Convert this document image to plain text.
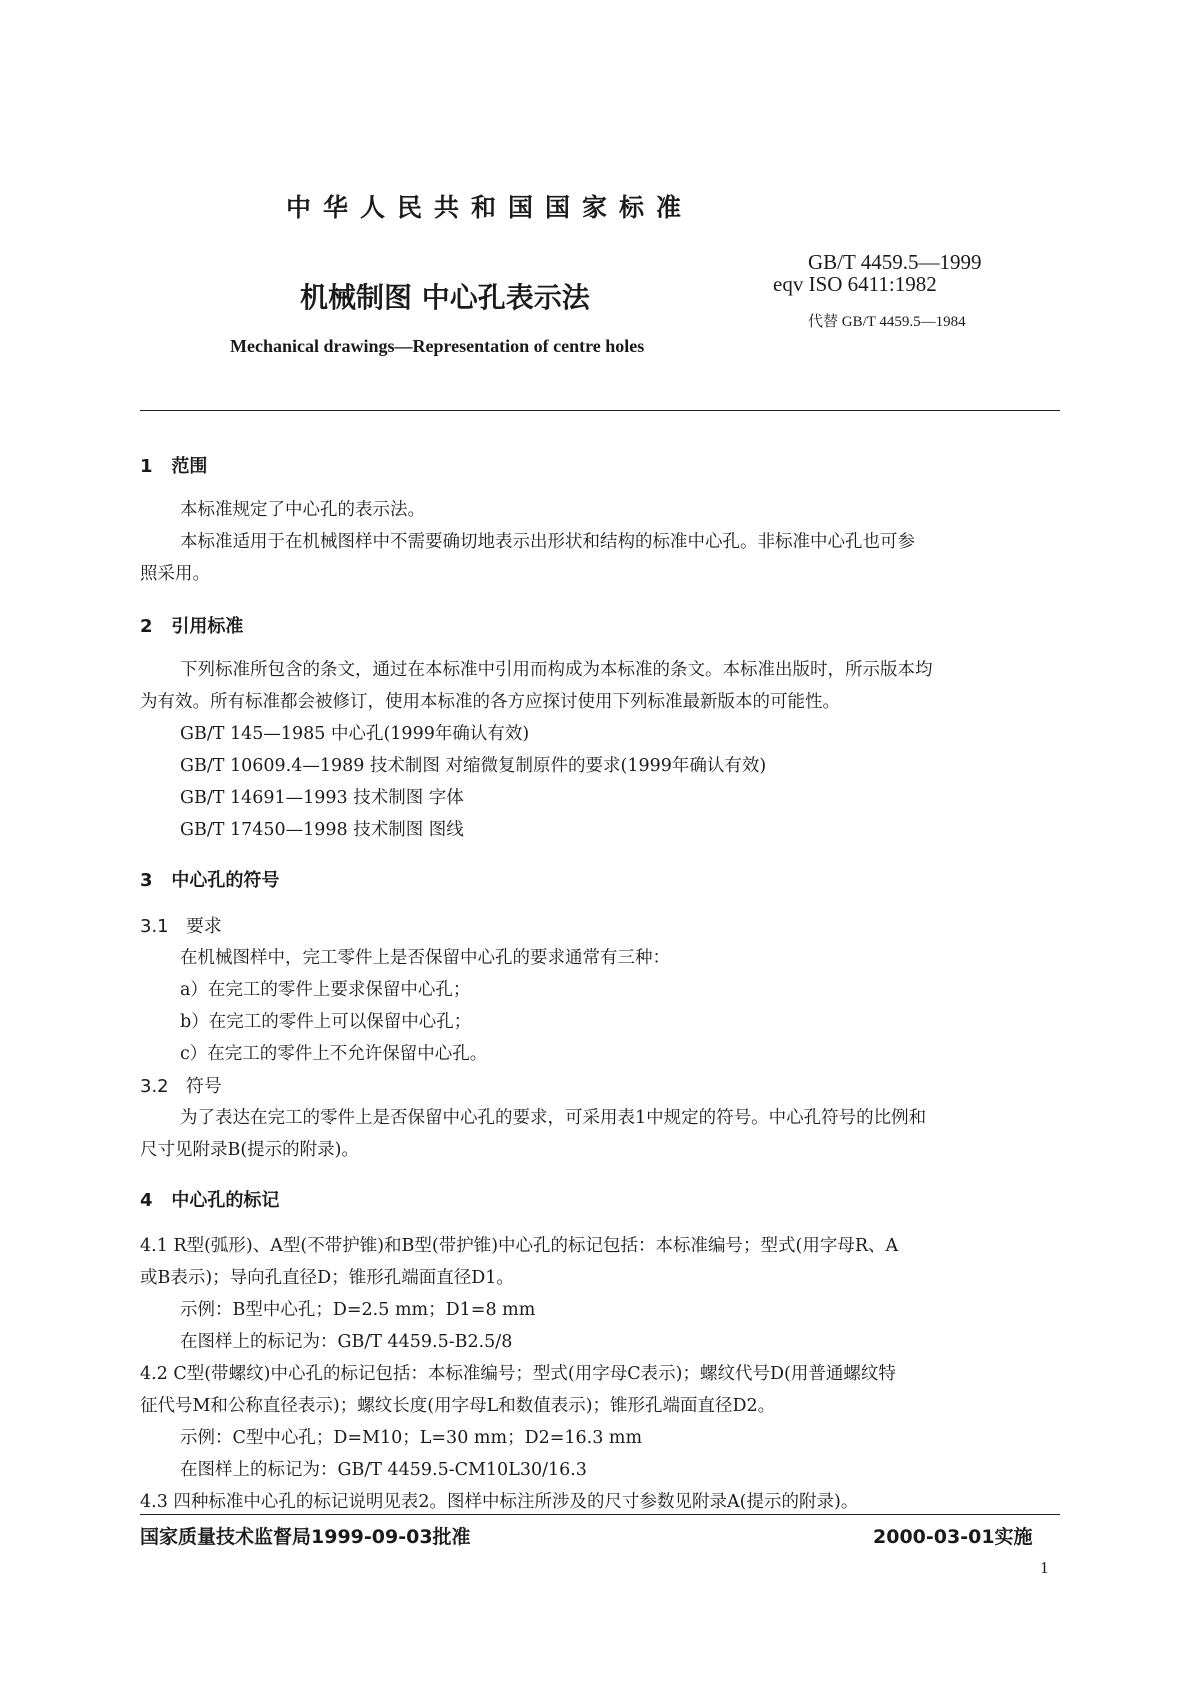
中华人民共和国国家标准
机械制图 中心孔表示法
Mechanical drawings—Representation of centre holes
GB/T 4459.5—1999
eqv ISO 6411:1982
代替 GB/T 4459.5—1984
1 范围
本标准规定了中心孔的表示法。
本标准适用于在机械图样中不需要确切地表示出形状和结构的标准中心孔。非标准中心孔也可参
照采用。
2 引用标准
下列标准所包含的条文，通过在本标准中引用而构成为本标准的条文。本标准出版时，所示版本均
为有效。所有标准都会被修订，使用本标准的各方应探讨使用下列标准最新版本的可能性。
GB/T 145—1985 中心孔(1999年确认有效)
GB/T 10609.4—1989 技术制图 对缩微复制原件的要求(1999年确认有效)
GB/T 14691—1993 技术制图 字体
GB/T 17450—1998 技术制图 图线
3 中心孔的符号
3.1 要求
在机械图样中，完工零件上是否保留中心孔的要求通常有三种：
a）在完工的零件上要求保留中心孔；
b）在完工的零件上可以保留中心孔；
c）在完工的零件上不允许保留中心孔。
3.2 符号
为了表达在完工的零件上是否保留中心孔的要求，可采用表1中规定的符号。中心孔符号的比例和
尺寸见附录B(提示的附录)。
4 中心孔的标记
4.1 R型(弧形)、A型(不带护锥)和B型(带护锥)中心孔的标记包括：本标准编号；型式(用字母R、A
或B表示)；导向孔直径D；锥形孔端面直径D1。
示例：B型中心孔；D=2.5 mm；D1=8 mm
在图样上的标记为：GB/T 4459.5-B2.5/8
4.2 C型(带螺纹)中心孔的标记包括：本标准编号；型式(用字母C表示)；螺纹代号D(用普通螺纹特
征代号M和公称直径表示)；螺纹长度(用字母L和数值表示)；锥形孔端面直径D2。
示例：C型中心孔；D=M10；L=30 mm；D2=16.3 mm
在图样上的标记为：GB/T 4459.5-CM10L30/16.3
4.3 四种标准中心孔的标记说明见表2。图样中标注所涉及的尺寸参数见附录A(提示的附录)。
国家质量技术监督局1999-09-03批准	2000-03-01实施
1
